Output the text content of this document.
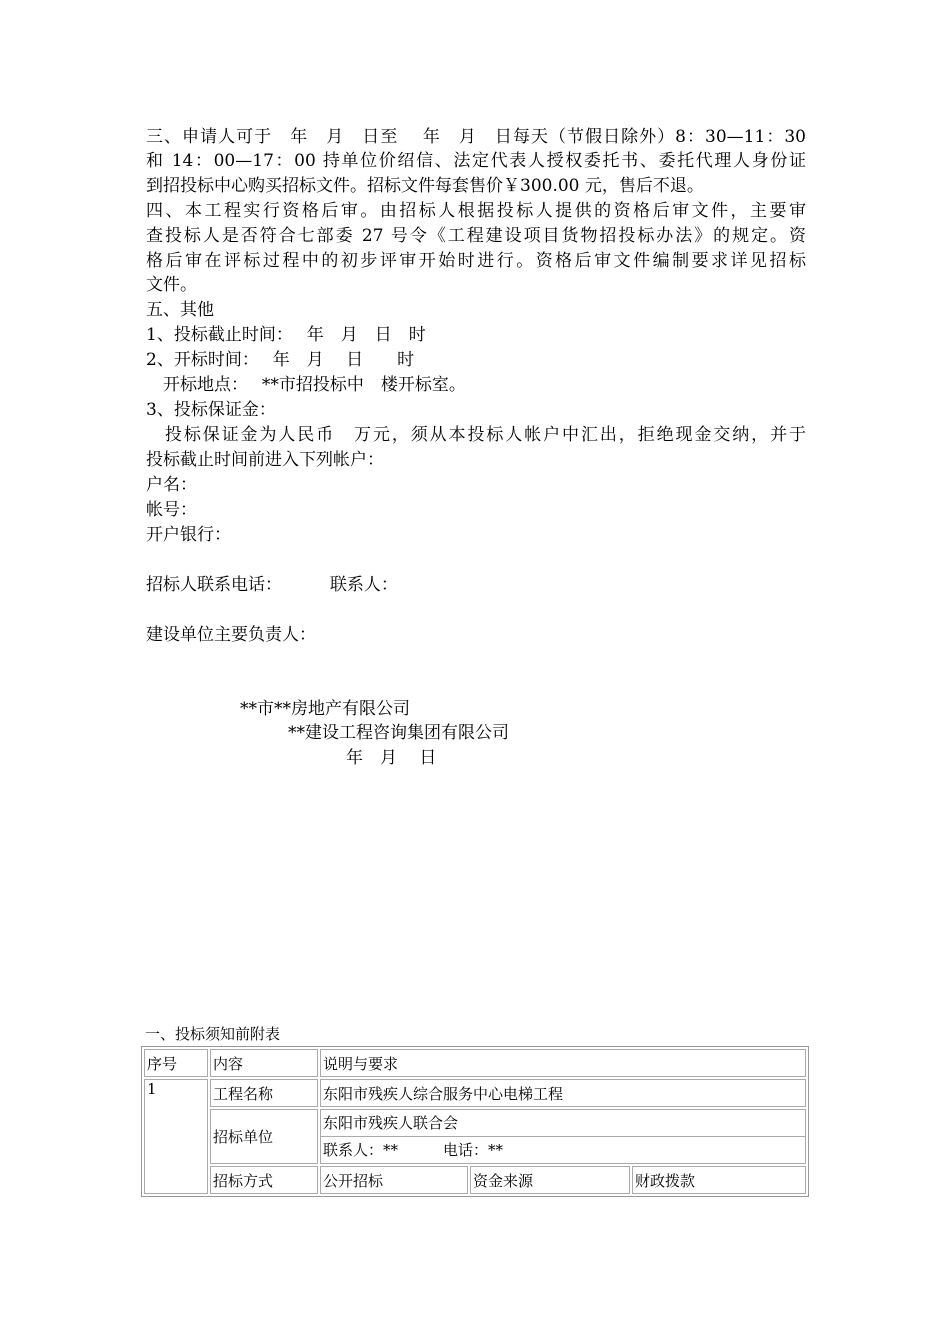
三、申请人可于　年　月　日至　 年　月　日每天（节假日除外）8：30—11：30
和 14：00—17：00 持单位价绍信、法定代表人授权委托书、委托代理人身份证
到招投标中心购买招标文件。招标文件每套售价￥300.00 元，售后不退。
四、本工程实行资格后审。由招标人根据投标人提供的资格后审文件，主要审
查投标人是否符合七部委 27 号令《工程建设项目货物招投标办法》的规定。资
格后审在评标过程中的初步评审开始时进行。资格后审文件编制要求详见招标
文件。
五、其他
1、投标截止时间：　 年　月　日　时
2、开标时间：　 年　月　 日　　时
　开标地点：　 **市招投标中　楼开标室。
3、投标保证金：
　投标保证金为人民币　万元，须从本投标人帐户中汇出，拒绝现金交纳，并于
投标截止时间前进入下列帐户：
户名：
帐号：
开户银行：
招标人联系电话：　　　 联系人：
建设单位主要负责人：
**市**房地产有限公司
**建设工程咨询集团有限公司
年　月　 日
一、投标须知前附表
序号	内容	说明与要求		
1	工程名称	东阳市残疾人综合服务中心电梯工程		
	招标单位	东阳市残疾人联合会
联系人：**　　　电话：**		

	招标方式	公开招标	资金来源	财政拨款
